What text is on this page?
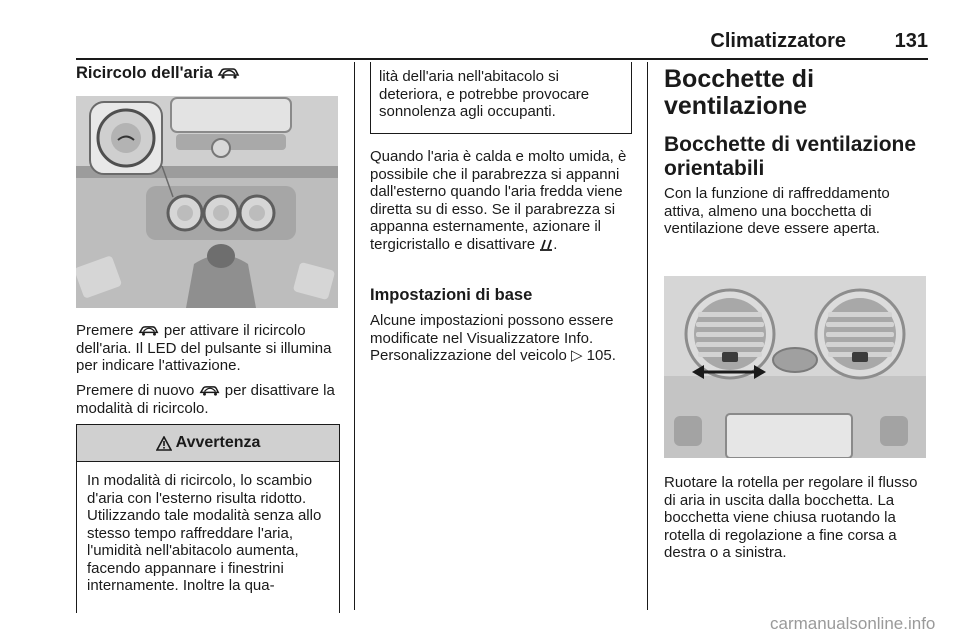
Climatizzatore	131
Ricircolo dell'aria
Premere per attivare il ricircolo dell'aria. Il LED del pulsante si illumina per indicare l'attivazione.
Premere di nuovo per disattivare la modalità di ricircolo.
Avvertenza
In modalità di ricircolo, lo scambio d'aria con l'esterno risulta ridotto. Utilizzando tale modalità senza allo stesso tempo raffreddare l'aria, l'umidità nell'abitacolo aumenta, facendo appannare i finestrini internamente. Inoltre la qua-
lità dell'aria nell'abitacolo si deteriora, e potrebbe provocare sonnolenza agli occupanti.
Quando l'aria è calda e molto umida, è possibile che il parabrezza si appanni dall'esterno quando l'aria fredda viene diretta su di esso. Se il parabrezza si appanna esternamente, azionare il tergicristallo e disattivare .
Impostazioni di base
Alcune impostazioni possono essere modificate nel Visualizzatore Info. Personalizzazione del veicolo ▷ 105.
Bocchette di
ventilazione
Bocchette di ventilazione orientabili
Con la funzione di raffreddamento attiva, almeno una bocchetta di ventilazione deve essere aperta.
Ruotare la rotella per regolare il flusso di aria in uscita dalla bocchetta. La bocchetta viene chiusa ruotando la rotella di regolazione a fine corsa a destra o a sinistra.
carmanualsonline.info
